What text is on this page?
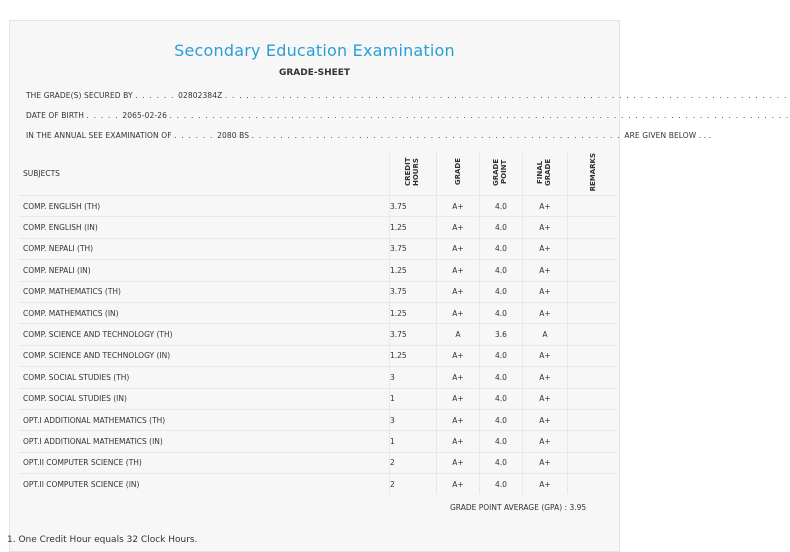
Secondary Education Examination
GRADE-SHEET
THE GRADE(S) SECURED BY . . . . . . 02802384Z . . . . . . . . . . . . . . . . . . . . . . . . . . . . . . . . . . . . . . . . . . . . . . . . . . . . . . . . . . . . . . . . . . . . . . . . . . . . . . .
DATE OF BIRTH . . . . . 2065-02-26 . . . . . . . . . . . . . . . . . . . . . . . . . . . . . . . . . . . . . . . . . . . . . . . . . . . . . . . . . . . . . . . . . . . . . . . . . . . . . . . . . . . . . . .
IN THE ANNUAL SEE EXAMINATION OF . . . . . . 2080 BS . . . . . . . . . . . . . . . . . . . . . . . . . . . . . . . . . . . . . . . . . . . . . . . . . . . . ARE GIVEN BELOW . . .
SUBJECTS	CREDIT HOURS	GRADE	GRADE POINT	FINAL GRADE	REMARKS
COMP. ENGLISH (TH)	3.75	A+	4.0	A+	
COMP. ENGLISH (IN)	1.25	A+	4.0	A+	
COMP. NEPALI (TH)	3.75	A+	4.0	A+	
COMP. NEPALI (IN)	1.25	A+	4.0	A+	
COMP. MATHEMATICS (TH)	3.75	A+	4.0	A+	
COMP. MATHEMATICS (IN)	1.25	A+	4.0	A+	
COMP. SCIENCE AND TECHNOLOGY (TH)	3.75	A	3.6	A	
COMP. SCIENCE AND TECHNOLOGY (IN)	1.25	A+	4.0	A+	
COMP. SOCIAL STUDIES (TH)	3	A+	4.0	A+	
COMP. SOCIAL STUDIES (IN)	1	A+	4.0	A+	
OPT.I ADDITIONAL MATHEMATICS (TH)	3	A+	4.0	A+	
OPT.I ADDITIONAL MATHEMATICS (IN)	1	A+	4.0	A+	
OPT.II COMPUTER SCIENCE (TH)	2	A+	4.0	A+	
OPT.II COMPUTER SCIENCE (IN)	2	A+	4.0	A+	
GRADE POINT AVERAGE (GPA) : 3.95
1. One Credit Hour equals 32 Clock Hours.
